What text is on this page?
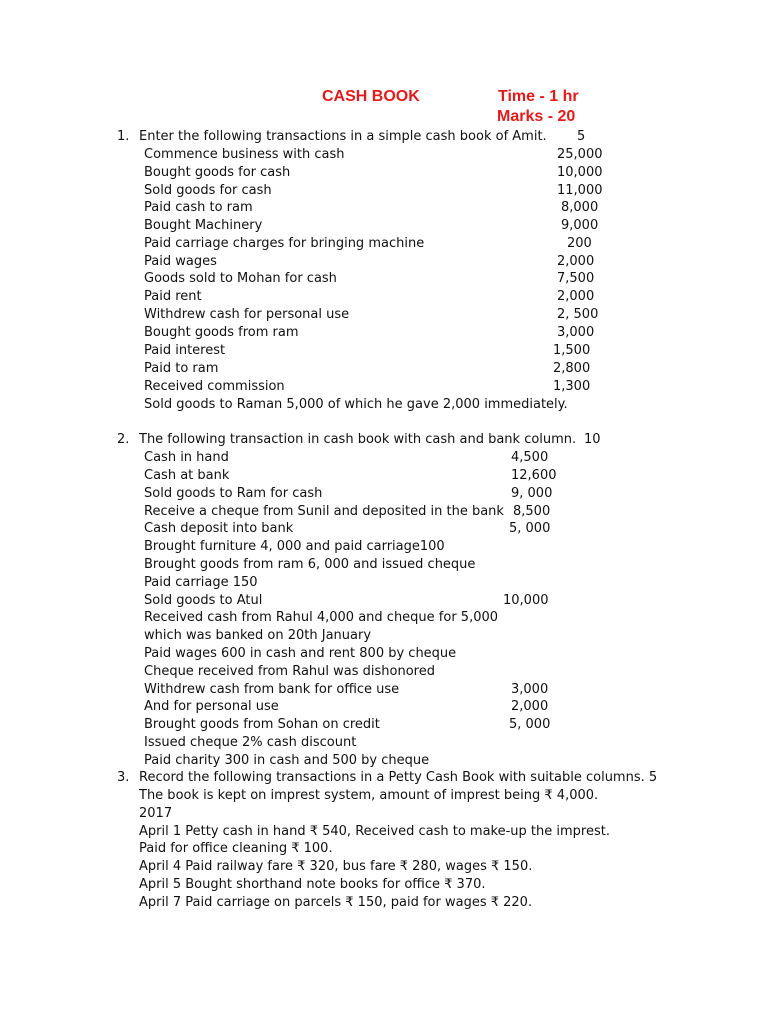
CASH BOOK	Time - 1 hr
Marks - 20
1. Enter the following transactions in a simple cash book of Amit. 5
Commence business with cash	25,000
Bought goods for cash	10,000
Sold goods for cash	11,000
Paid cash to ram	8,000
Bought Machinery	9,000
Paid carriage charges for bringing machine	200
Paid wages	2,000
Goods sold to Mohan for cash	7,500
Paid rent	2,000
Withdrew cash for personal use	2, 500
Bought goods from ram	3,000
Paid interest	1,500
Paid to ram	2,800
Received commission	1,300
Sold goods to Raman 5,000 of which he gave 2,000 immediately.
2. The following transaction in cash book with cash and bank column. 10
Cash in hand	4,500
Cash at bank	12,600
Sold goods to Ram for cash	9, 000
Receive a cheque from Sunil and deposited in the bank 8,500
Cash deposit into bank	5, 000
Brought furniture 4, 000 and paid carriage100
Brought goods from ram 6, 000 and issued cheque
Paid carriage 150
Sold goods to Atul	10,000
Received cash from Rahul 4,000 and cheque for 5,000
which was banked on 20th January
Paid wages 600 in cash and rent 800 by cheque
Cheque received from Rahul was dishonored
Withdrew cash from bank for office use	3,000
And for personal use	2,000
Brought goods from Sohan on credit	5, 000
Issued cheque 2% cash discount
Paid charity 300 in cash and 500 by cheque
3. Record the following transactions in a Petty Cash Book with suitable columns. 5
The book is kept on imprest system, amount of imprest being ₹ 4,000.
2017
April 1 Petty cash in hand ₹ 540, Received cash to make-up the imprest.
Paid for office cleaning ₹ 100.
April 4 Paid railway fare ₹ 320, bus fare ₹ 280, wages ₹ 150.
April 5 Bought shorthand note books for office ₹ 370.
April 7 Paid carriage on parcels ₹ 150, paid for wages ₹ 220.
